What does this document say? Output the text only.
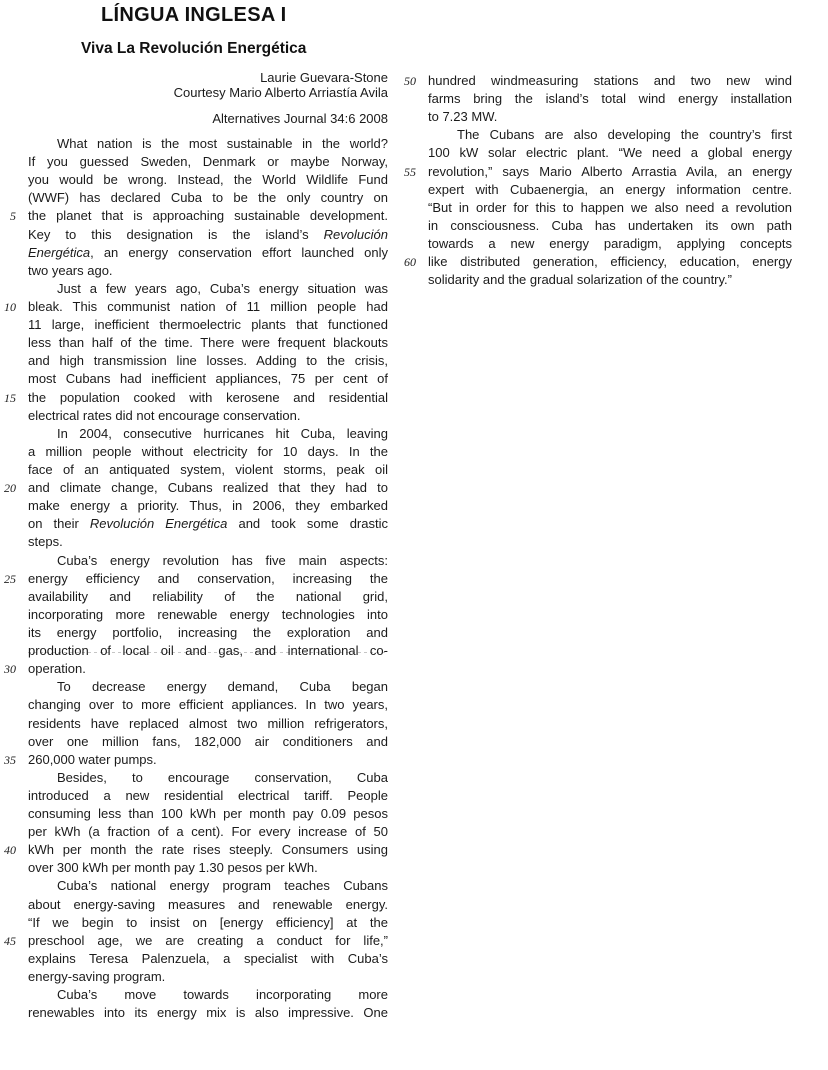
LÍNGUA INGLESA I
Viva La Revolución Energética
Laurie Guevara-Stone
Courtesy Mario Alberto Arriastía Avila
Alternatives Journal 34:6 2008
What nation is the most sustainable in the world?
If you guessed Sweden, Denmark or maybe Norway,
you would be wrong. Instead, the World Wildlife Fund
(WWF) has declared Cuba to be the only country on
5 the planet that is approaching sustainable development.
Key to this designation is the island’s Revolución
Energética, an energy conservation effort launched only
two years ago.
Just a few years ago, Cuba’s energy situation was
10 bleak. This communist nation of 11 million people had
11 large, inefficient thermoelectric plants that functioned
less than half of the time. There were frequent blackouts
and high transmission line losses. Adding to the crisis,
most Cubans had inefficient appliances, 75 per cent of
15 the population cooked with kerosene and residential
electrical rates did not encourage conservation.
In 2004, consecutive hurricanes hit Cuba, leaving
a million people without electricity for 10 days. In the
face of an antiquated system, violent storms, peak oil
20 and climate change, Cubans realized that they had to
make energy a priority. Thus, in 2006, they embarked
on their Revolución Energética and took some drastic
steps.
Cuba’s energy revolution has five main aspects:
25 energy efficiency and conservation, increasing the
availability and reliability of the national grid,
incorporating more renewable energy technologies into
its energy portfolio, increasing the exploration and
production of local oil and gas, and international co-
30 operation.
To decrease energy demand, Cuba began
changing over to more efficient appliances. In two years,
residents have replaced almost two million refrigerators,
over one million fans, 182,000 air conditioners and
35 260,000 water pumps.
Besides, to encourage conservation, Cuba
introduced a new residential electrical tariff. People
consuming less than 100 kWh per month pay 0.09 pesos
per kWh (a fraction of a cent). For every increase of 50
40 kWh per month the rate rises steeply. Consumers using
over 300 kWh per month pay 1.30 pesos per kWh.
Cuba’s national energy program teaches Cubans
about energy-saving measures and renewable energy.
“If we begin to insist on [energy efficiency] at the
45 preschool age, we are creating a conduct for life,”
explains Teresa Palenzuela, a specialist with Cuba’s
energy-saving program.
Cuba’s move towards incorporating more
renewables into its energy mix is also impressive. One
50 hundred windmeasuring stations and two new wind
farms bring the island’s total wind energy installation
to 7.23 MW.
The Cubans are also developing the country’s first
100 kW solar electric plant. “We need a global energy
55 revolution,” says Mario Alberto Arrastia Avila, an energy
expert with Cubaenergia, an energy information centre.
“But in order for this to happen we also need a revolution
in consciousness. Cuba has undertaken its own path
towards a new energy paradigm, applying concepts
60 like distributed generation, efficiency, education, energy
solidarity and the gradual solarization of the country.”
